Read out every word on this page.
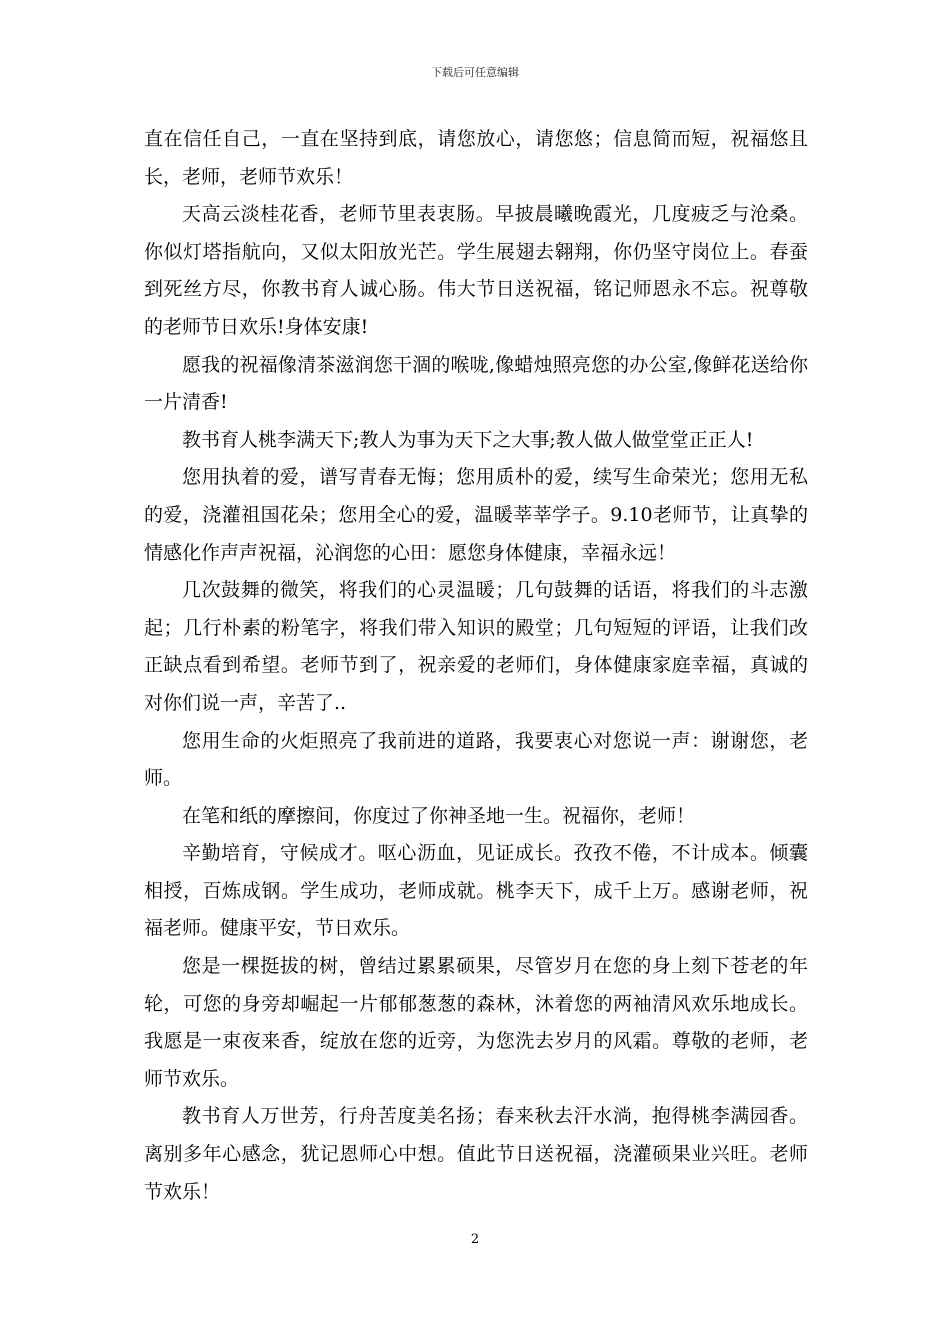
下载后可任意编辑

直在信任自己，一直在坚持到底，请您放心，请您悠；信息简而短，祝福悠且长，老师，老师节欢乐！

天高云淡桂花香，老师节里表衷肠。早披晨曦晚霞光，几度疲乏与沧桑。你似灯塔指航向，又似太阳放光芒。学生展翅去翱翔，你仍坚守岗位上。春蚕到死丝方尽，你教书育人诚心肠。伟大节日送祝福，铭记师恩永不忘。祝尊敬的老师节日欢乐!身体安康!

愿我的祝福像清茶滋润您干涸的喉咙,像蜡烛照亮您的办公室,像鲜花送给你一片清香!

教书育人桃李满天下;教人为事为天下之大事;教人做人做堂堂正正人!

您用执着的爱，谱写青春无悔；您用质朴的爱，续写生命荣光；您用无私的爱，浇灌祖国花朵；您用全心的爱，温暖莘莘学子。9.10老师节，让真挚的情感化作声声祝福，沁润您的心田：愿您身体健康，幸福永远！

几次鼓舞的微笑，将我们的心灵温暖；几句鼓舞的话语，将我们的斗志激起；几行朴素的粉笔字，将我们带入知识的殿堂；几句短短的评语，让我们改正缺点看到希望。老师节到了，祝亲爱的老师们，身体健康家庭幸福，真诚的对你们说一声，辛苦了..

您用生命的火炬照亮了我前进的道路，我要衷心对您说一声：谢谢您，老师。

在笔和纸的摩擦间，你度过了你神圣地一生。祝福你，老师！

辛勤培育，守候成才。呕心沥血，见证成长。孜孜不倦，不计成本。倾囊相授，百炼成钢。学生成功，老师成就。桃李天下，成千上万。感谢老师，祝福老师。健康平安，节日欢乐。

您是一棵挺拔的树，曾结过累累硕果，尽管岁月在您的身上刻下苍老的年轮，可您的身旁却崛起一片郁郁葱葱的森林，沐着您的两袖清风欢乐地成长。我愿是一束夜来香，绽放在您的近旁，为您洗去岁月的风霜。尊敬的老师，老师节欢乐。

教书育人万世芳，行舟苦度美名扬；春来秋去汗水淌，抱得桃李满园香。离别多年心感念，犹记恩师心中想。值此节日送祝福，浇灌硕果业兴旺。老师节欢乐！

2
